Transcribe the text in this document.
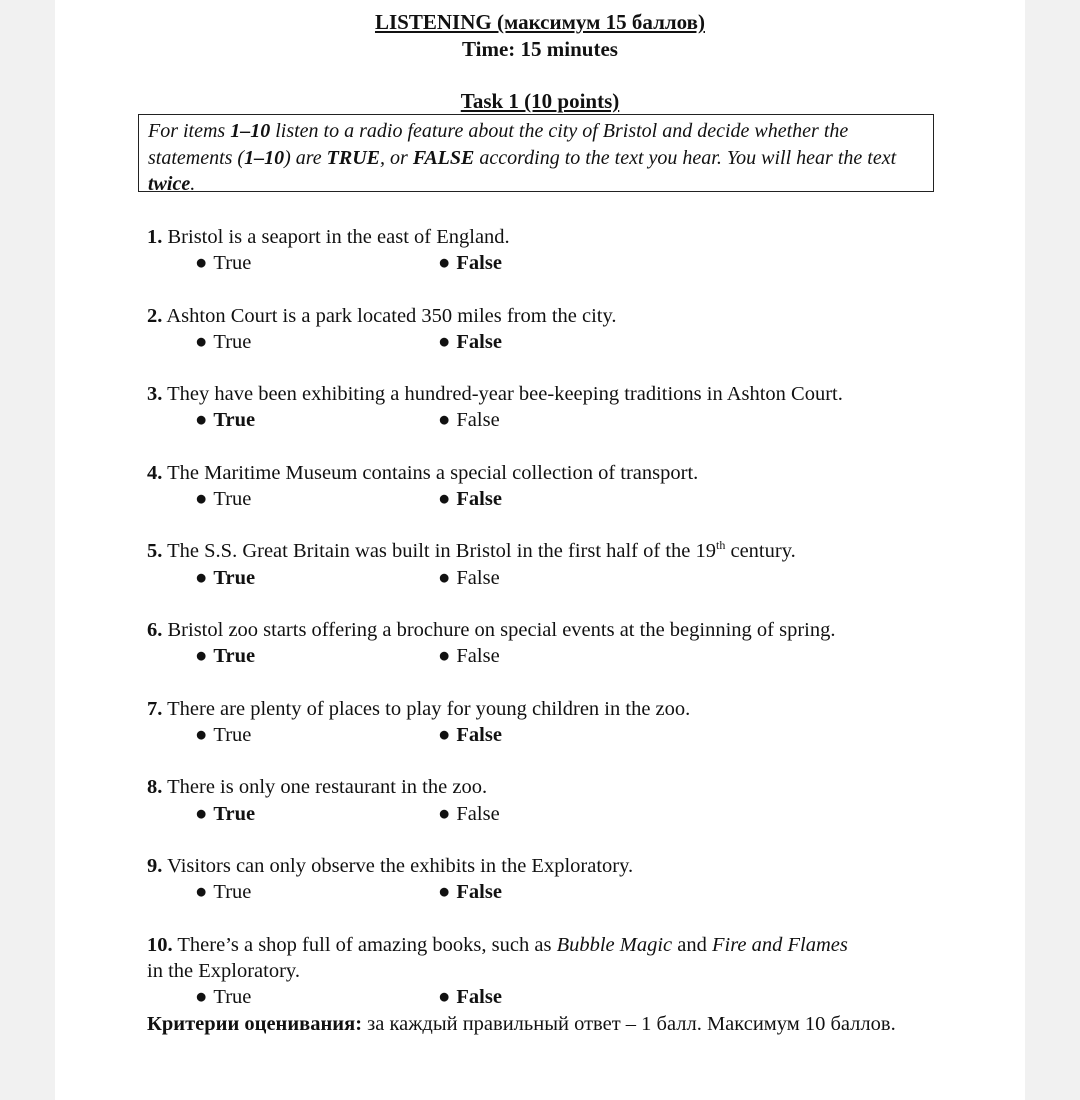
LISTENING (максимум 15 баллов)
Time: 15 minutes
Task 1 (10 points)
For items 1–10 listen to a radio feature about the city of Bristol and decide whether the statements (1–10) are TRUE, or FALSE according to the text you hear. You will hear the text twice.
1. Bristol is a seaport in the east of England.
● True	● False
2. Ashton Court is a park located 350 miles from the city.
● True	● False
3. They have been exhibiting a hundred-year bee-keeping traditions in Ashton Court.
● True	● False
4. The Maritime Museum contains a special collection of transport.
● True	● False
5. The S.S. Great Britain was built in Bristol in the first half of the 19th century.
● True	● False
6. Bristol zoo starts offering a brochure on special events at the beginning of spring.
● True	● False
7. There are plenty of places to play for young children in the zoo.
● True	● False
8. There is only one restaurant in the zoo.
● True	● False
9. Visitors can only observe the exhibits in the Exploratory.
● True	● False
10. There’s a shop full of amazing books, such as Bubble Magic and Fire and Flames
in the Exploratory.
● True	● False
Критерии оценивания: за каждый правильный ответ – 1 балл. Максимум 10 баллов.
